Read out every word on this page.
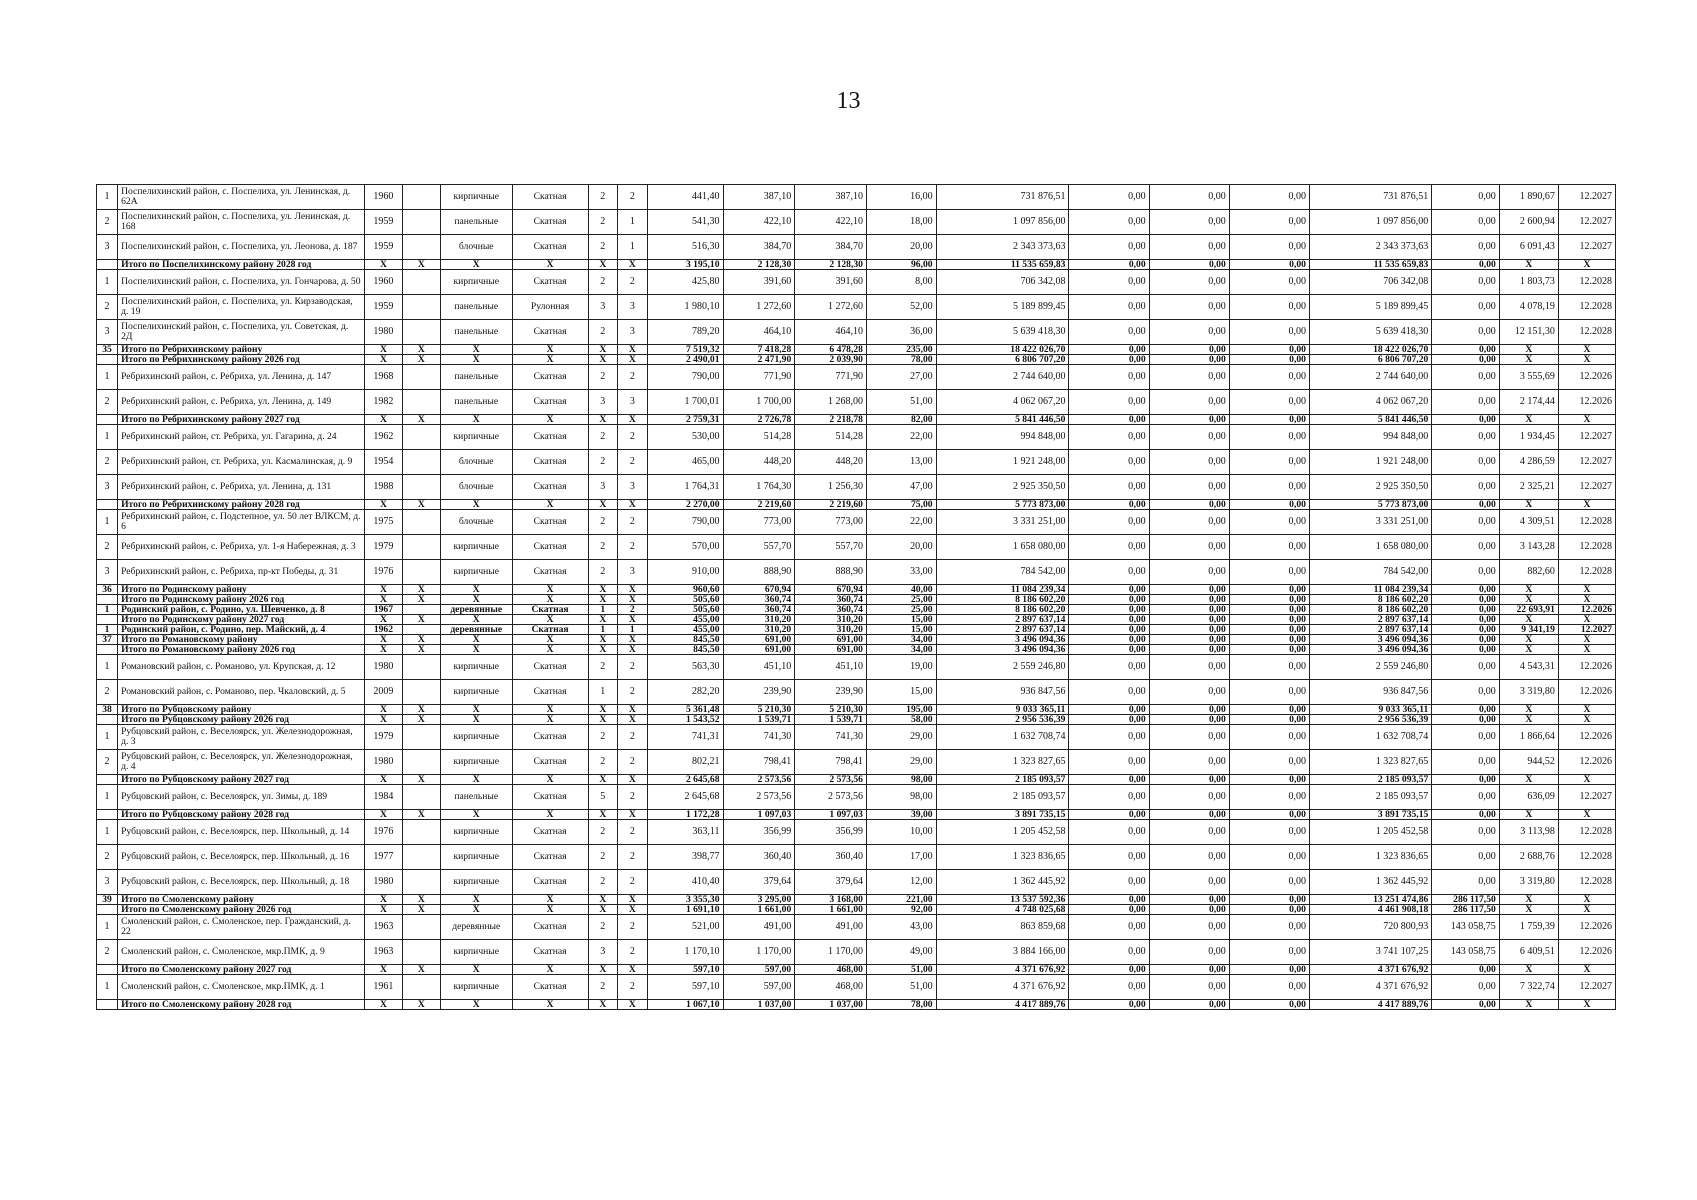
13
1	Поспелихинский район, с. Поспелиха, ул. Ленинская, д. 62А	1960		кирпичные	Скатная	2	2	441,40	387,10	387,10	16,00	731 876,51	0,00	0,00	0,00	731 876,51	0,00	1 890,67	12.2027
2	Поспелихинский район, с. Поспелиха, ул. Ленинская, д. 168	1959		панельные	Скатная	2	1	541,30	422,10	422,10	18,00	1 097 856,00	0,00	0,00	0,00	1 097 856,00	0,00	2 600,94	12.2027
3	Поспелихинский район, с. Поспелиха, ул. Леонова, д. 187	1959		блочные	Скатная	2	1	516,30	384,70	384,70	20,00	2 343 373,63	0,00	0,00	0,00	2 343 373,63	0,00	6 091,43	12.2027
	Итого по Поспелихинскому району 2028 год	X	X	X	X	X	X	3 195,10	2 128,30	2 128,30	96,00	11 535 659,83	0,00	0,00	0,00	11 535 659,83	0,00	X	X
1	Поспелихинский район, с. Поспелиха, ул. Гончарова, д. 50	1960		кирпичные	Скатная	2	2	425,80	391,60	391,60	8,00	706 342,08	0,00	0,00	0,00	706 342,08	0,00	1 803,73	12.2028
2	Поспелихинский район, с. Поспелиха, ул. Кирзаводская, д. 19	1959		панельные	Рулонная	3	3	1 980,10	1 272,60	1 272,60	52,00	5 189 899,45	0,00	0,00	0,00	5 189 899,45	0,00	4 078,19	12.2028
3	Поспелихинский район, с. Поспелиха, ул. Советская, д. 2Д	1980		панельные	Скатная	2	3	789,20	464,10	464,10	36,00	5 639 418,30	0,00	0,00	0,00	5 639 418,30	0,00	12 151,30	12.2028
35	Итого по Ребрихинскому району	X	X	X	X	X	X	7 519,32	7 418,28	6 478,28	235,00	18 422 026,70	0,00	0,00	0,00	18 422 026,70	0,00	X	X
	Итого по Ребрихинскому району 2026 год	X	X	X	X	X	X	2 490,01	2 471,90	2 039,90	78,00	6 806 707,20	0,00	0,00	0,00	6 806 707,20	0,00	X	X
1	Ребрихинский район, с. Ребриха, ул. Ленина, д. 147	1968		панельные	Скатная	2	2	790,00	771,90	771,90	27,00	2 744 640,00	0,00	0,00	0,00	2 744 640,00	0,00	3 555,69	12.2026
2	Ребрихинский район, с. Ребриха, ул. Ленина, д. 149	1982		панельные	Скатная	3	3	1 700,01	1 700,00	1 268,00	51,00	4 062 067,20	0,00	0,00	0,00	4 062 067,20	0,00	2 174,44	12.2026
	Итого по Ребрихинскому району 2027 год	X	X	X	X	X	X	2 759,31	2 726,78	2 218,78	82,00	5 841 446,50	0,00	0,00	0,00	5 841 446,50	0,00	X	X
1	Ребрихинский район, ст. Ребриха, ул. Гагарина, д. 24	1962		кирпичные	Скатная	2	2	530,00	514,28	514,28	22,00	994 848,00	0,00	0,00	0,00	994 848,00	0,00	1 934,45	12.2027
2	Ребрихинский район, ст. Ребриха, ул. Касмалинская, д. 9	1954		блочные	Скатная	2	2	465,00	448,20	448,20	13,00	1 921 248,00	0,00	0,00	0,00	1 921 248,00	0,00	4 286,59	12.2027
3	Ребрихинский район, с. Ребриха, ул. Ленина, д. 131	1988		блочные	Скатная	3	3	1 764,31	1 764,30	1 256,30	47,00	2 925 350,50	0,00	0,00	0,00	2 925 350,50	0,00	2 325,21	12.2027
	Итого по Ребрихинскому району 2028 год	X	X	X	X	X	X	2 270,00	2 219,60	2 219,60	75,00	5 773 873,00	0,00	0,00	0,00	5 773 873,00	0,00	X	X
1	Ребрихинский район, с. Подстепное, ул. 50 лет ВЛКСМ, д. 6	1975		блочные	Скатная	2	2	790,00	773,00	773,00	22,00	3 331 251,00	0,00	0,00	0,00	3 331 251,00	0,00	4 309,51	12.2028
2	Ребрихинский район, с. Ребриха, ул. 1-я Набережная, д. 3	1979		кирпичные	Скатная	2	2	570,00	557,70	557,70	20,00	1 658 080,00	0,00	0,00	0,00	1 658 080,00	0,00	3 143,28	12.2028
3	Ребрихинский район, с. Ребриха, пр-кт Победы, д. 31	1976		кирпичные	Скатная	2	3	910,00	888,90	888,90	33,00	784 542,00	0,00	0,00	0,00	784 542,00	0,00	882,60	12.2028
36	Итого по Родинскому району	X	X	X	X	X	X	960,60	670,94	670,94	40,00	11 084 239,34	0,00	0,00	0,00	11 084 239,34	0,00	X	X
	Итого по Родинскому району 2026 год	X	X	X	X	X	X	505,60	360,74	360,74	25,00	8 186 602,20	0,00	0,00	0,00	8 186 602,20	0,00	X	X
1	Родинский район, с. Родино, ул. Шевченко, д. 8	1967		деревянные	Скатная	1	2	505,60	360,74	360,74	25,00	8 186 602,20	0,00	0,00	0,00	8 186 602,20	0,00	22 693,91	12.2026
	Итого по Родинскому району 2027 год	X	X	X	X	X	X	455,00	310,20	310,20	15,00	2 897 637,14	0,00	0,00	0,00	2 897 637,14	0,00	X	X
1	Родинский район, с. Родино, пер. Майский, д. 4	1962		деревянные	Скатная	1	1	455,00	310,20	310,20	15,00	2 897 637,14	0,00	0,00	0,00	2 897 637,14	0,00	9 341,19	12.2027
37	Итого по Романовскому району	X	X	X	X	X	X	845,50	691,00	691,00	34,00	3 496 094,36	0,00	0,00	0,00	3 496 094,36	0,00	X	X
	Итого по Романовскому району 2026 год	X	X	X	X	X	X	845,50	691,00	691,00	34,00	3 496 094,36	0,00	0,00	0,00	3 496 094,36	0,00	X	X
1	Романовский район, с. Романово, ул. Крупская, д. 12	1980		кирпичные	Скатная	2	2	563,30	451,10	451,10	19,00	2 559 246,80	0,00	0,00	0,00	2 559 246,80	0,00	4 543,31	12.2026
2	Романовский район, с. Романово, пер. Чкаловский, д. 5	2009		кирпичные	Скатная	1	2	282,20	239,90	239,90	15,00	936 847,56	0,00	0,00	0,00	936 847,56	0,00	3 319,80	12.2026
38	Итого по Рубцовскому району	X	X	X	X	X	X	5 361,48	5 210,30	5 210,30	195,00	9 033 365,11	0,00	0,00	0,00	9 033 365,11	0,00	X	X
	Итого по Рубцовскому району 2026 год	X	X	X	X	X	X	1 543,52	1 539,71	1 539,71	58,00	2 956 536,39	0,00	0,00	0,00	2 956 536,39	0,00	X	X
1	Рубцовский район, с. Веселоярск, ул. Железнодорожная, д. 3	1979		кирпичные	Скатная	2	2	741,31	741,30	741,30	29,00	1 632 708,74	0,00	0,00	0,00	1 632 708,74	0,00	1 866,64	12.2026
2	Рубцовский район, с. Веселоярск, ул. Железнодорожная, д. 4	1980		кирпичные	Скатная	2	2	802,21	798,41	798,41	29,00	1 323 827,65	0,00	0,00	0,00	1 323 827,65	0,00	944,52	12.2026
	Итого по Рубцовскому району 2027 год	X	X	X	X	X	X	2 645,68	2 573,56	2 573,56	98,00	2 185 093,57	0,00	0,00	0,00	2 185 093,57	0,00	X	X
1	Рубцовский район, с. Веселоярск, ул. Зимы, д. 189	1984		панельные	Скатная	5	2	2 645,68	2 573,56	2 573,56	98,00	2 185 093,57	0,00	0,00	0,00	2 185 093,57	0,00	636,09	12.2027
	Итого по Рубцовскому району 2028 год	X	X	X	X	X	X	1 172,28	1 097,03	1 097,03	39,00	3 891 735,15	0,00	0,00	0,00	3 891 735,15	0,00	X	X
1	Рубцовский район, с. Веселоярск, пер. Школьный, д. 14	1976		кирпичные	Скатная	2	2	363,11	356,99	356,99	10,00	1 205 452,58	0,00	0,00	0,00	1 205 452,58	0,00	3 113,98	12.2028
2	Рубцовский район, с. Веселоярск, пер. Школьный, д. 16	1977		кирпичные	Скатная	2	2	398,77	360,40	360,40	17,00	1 323 836,65	0,00	0,00	0,00	1 323 836,65	0,00	2 688,76	12.2028
3	Рубцовский район, с. Веселоярск, пер. Школьный, д. 18	1980		кирпичные	Скатная	2	2	410,40	379,64	379,64	12,00	1 362 445,92	0,00	0,00	0,00	1 362 445,92	0,00	3 319,80	12.2028
39	Итого по Смоленскому району	X	X	X	X	X	X	3 355,30	3 295,00	3 168,00	221,00	13 537 592,36	0,00	0,00	0,00	13 251 474,86	286 117,50	X	X
	Итого по Смоленскому району 2026 год	X	X	X	X	X	X	1 691,10	1 661,00	1 661,00	92,00	4 748 025,68	0,00	0,00	0,00	4 461 908,18	286 117,50	X	X
1	Смоленский район, с. Смоленское, пер. Гражданский, д. 22	1963		деревянные	Скатная	2	2	521,00	491,00	491,00	43,00	863 859,68	0,00	0,00	0,00	720 800,93	143 058,75	1 759,39	12.2026
2	Смоленский район, с. Смоленское, мкр.ПМК, д. 9	1963		кирпичные	Скатная	3	2	1 170,10	1 170,00	1 170,00	49,00	3 884 166,00	0,00	0,00	0,00	3 741 107,25	143 058,75	6 409,51	12.2026
	Итого по Смоленскому району 2027 год	X	X	X	X	X	X	597,10	597,00	468,00	51,00	4 371 676,92	0,00	0,00	0,00	4 371 676,92	0,00	X	X
1	Смоленский район, с. Смоленское, мкр.ПМК, д. 1	1961		кирпичные	Скатная	2	2	597,10	597,00	468,00	51,00	4 371 676,92	0,00	0,00	0,00	4 371 676,92	0,00	7 322,74	12.2027
	Итого по Смоленскому району 2028 год	X	X	X	X	X	X	1 067,10	1 037,00	1 037,00	78,00	4 417 889,76	0,00	0,00	0,00	4 417 889,76	0,00	X	X
